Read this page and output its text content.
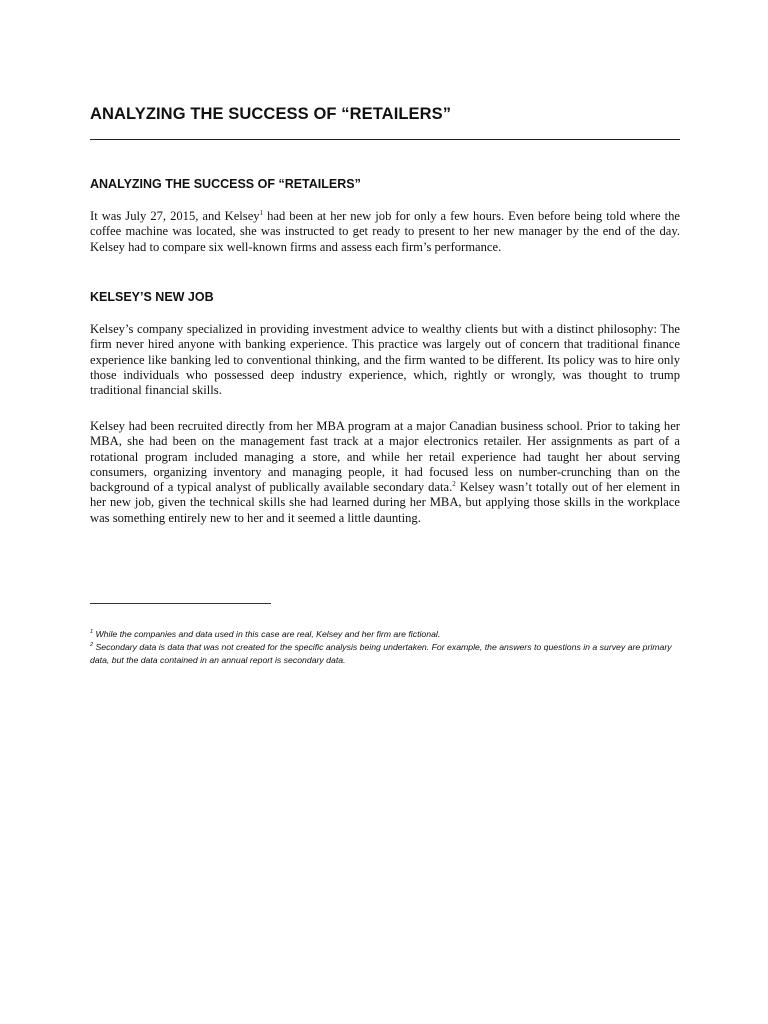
ANALYZING THE SUCCESS OF “RETAILERS”
ANALYZING THE SUCCESS OF “RETAILERS”

It was July 27, 2015, and Kelsey$^1$ had been at her new job for only a few hours. Even before being told where the coffee machine was located, she was instructed to get ready to present to her new manager by the end of the day. Kelsey had to compare six well-known firms and assess each firm’s performance.

KELSEY’S NEW JOB

Kelsey’s company specialized in providing investment advice to wealthy clients but with a distinct philosophy: The firm never hired anyone with banking experience. This practice was largely out of concern that traditional finance experience like banking led to conventional thinking, and the firm wanted to be different. Its policy was to hire only those individuals who possessed deep industry experience, which, rightly or wrongly, was thought to trump traditional financial skills.

Kelsey had been recruited directly from her MBA program at a major Canadian business school. Prior to taking her MBA, she had been on the management fast track at a major electronics retailer. Her assignments as part of a rotational program included managing a store, and while her retail experience had taught her about serving consumers, organizing inventory and managing people, it had focused less on number-crunching than on the background of a typical analyst of publically available secondary data.$^2$ Kelsey wasn’t totally out of her element in her new job, given the technical skills she had learned during her MBA, but applying those skills in the workplace was something entirely new to her and it seemed a little daunting.

$^1$ While the companies and data used in this case are real, Kelsey and her firm are fictional.

$^2$ Secondary data is data that was not created for the specific analysis being undertaken. For example, the answers to questions in a survey are primary data, but the data contained in an annual report is secondary data.
